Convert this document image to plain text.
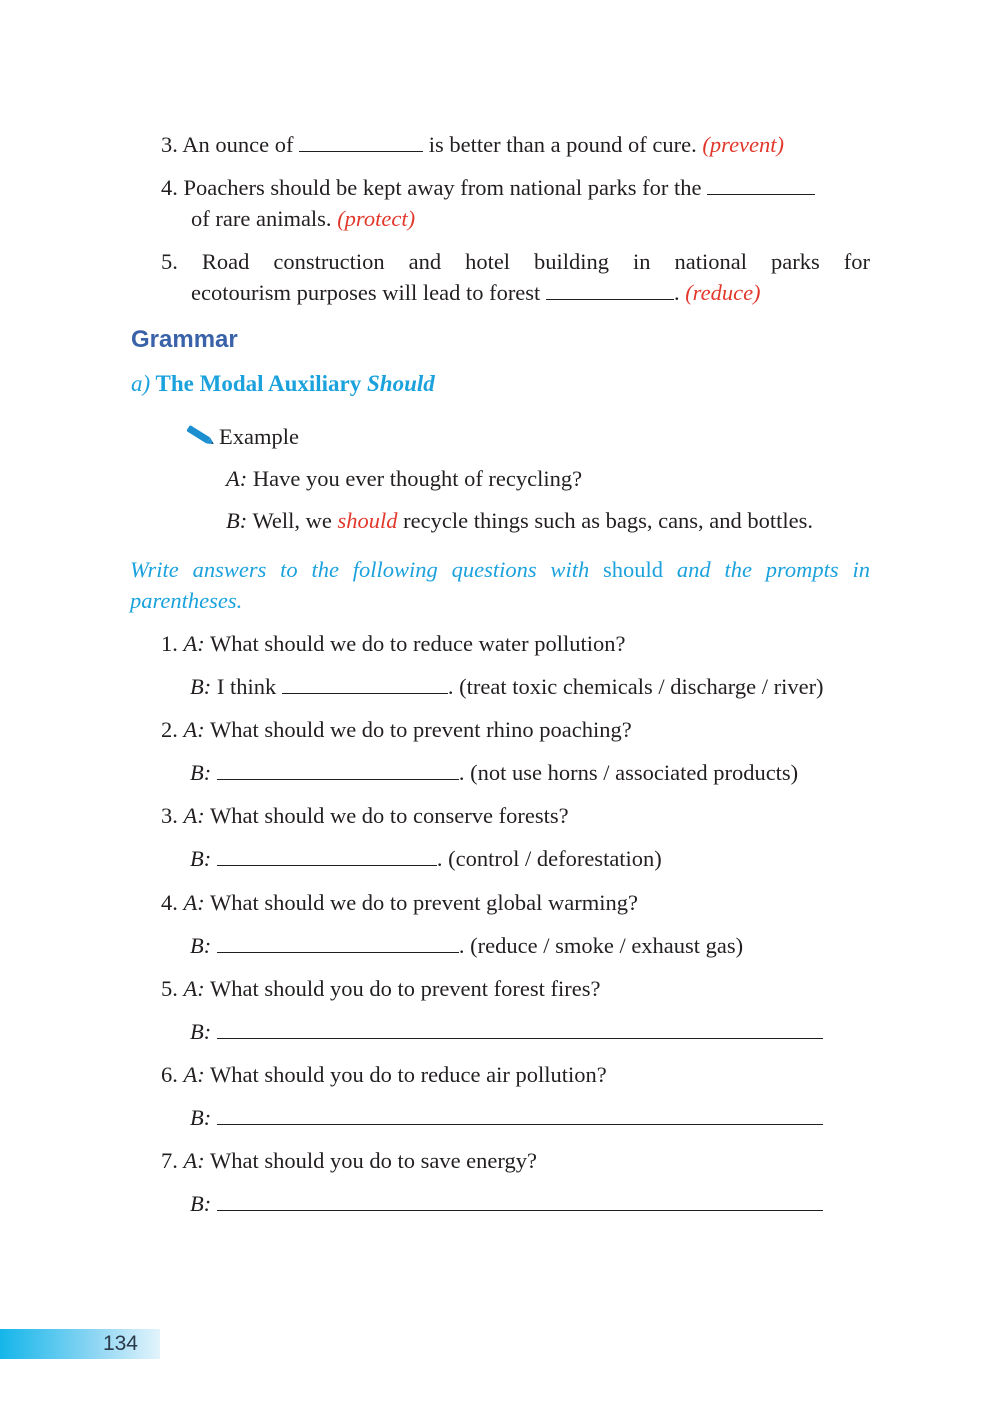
3. An ounce of	is better than a pound of cure. (prevent)
4. Poachers should be kept away from national parks for the
of rare animals. (protect)
5. Road construction and hotel building in national parks for
ecotourism purposes will lead to forest	. (reduce)
Grammar
a) The Modal Auxiliary Should
Example
A: Have you ever thought of recycling?
B: Well, we should recycle things such as bags, cans, and bottles.
Write answers to the following questions with should and the prompts in parentheses.
1. A: What should we do to reduce water pollution?
B: I think	. (treat toxic chemicals / discharge / river)
2. A: What should we do to prevent rhino poaching?
B:	. (not use horns / associated products)
3. A: What should we do to conserve forests?
B:	. (control / deforestation)
4. A: What should we do to prevent global warming?
B:	. (reduce / smoke / exhaust gas)
5. A: What should you do to prevent forest fires?
B:
6. A: What should you do to reduce air pollution?
B:
7. A: What should you do to save energy?
B:
134
